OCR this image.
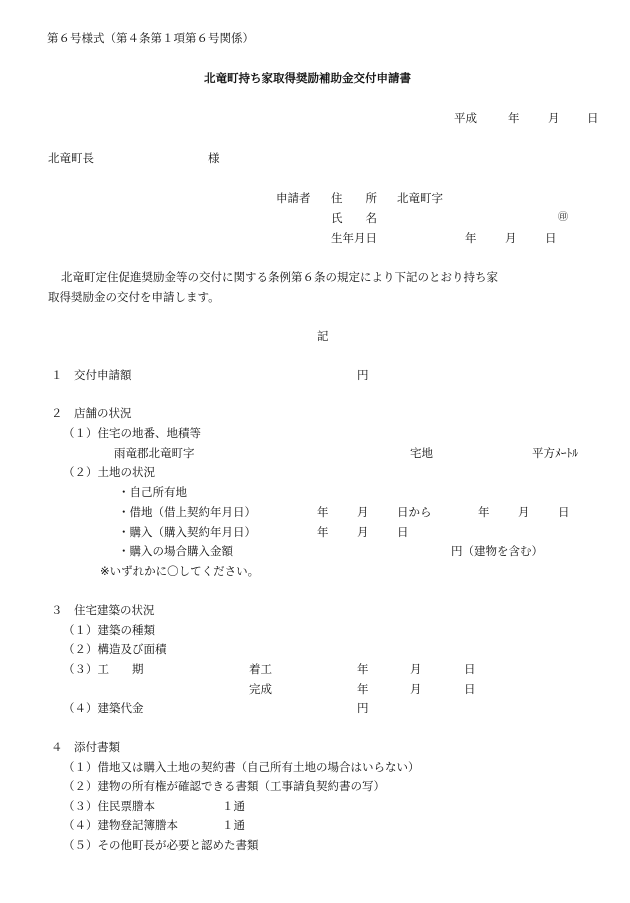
第６号様式（第４条第１項第６号関係）
北竜町持ち家取得奨励補助金交付申請書
平成	年 月 日
北竜町長	様
申請者 住　　所 北竜町字
氏　　名	㊞
生年月日	年 月 日
北竜町定住促進奨励金等の交付に関する条例第６条の規定により下記のとおり持ち家
取得奨励金の交付を申請します。
記
１　交付申請額	円
２　店舗の状況
（１）住宅の地番、地積等
雨竜郡北竜町字	宅地	平方ﾒｰﾄﾙ
（２）土地の状況
・自己所有地
・借地（借上契約年月日）	年 月 日から	年 月 日
・購入（購入契約年月日）	年 月 日
・購入の場合購入金額	円（建物を含む）
※いずれかに〇してください。
３　住宅建築の状況
（１）建築の種類
（２）構造及び面積
（３）工　　期	着工	年	月	日
完成	年	月	日
（４）建築代金	円
４　添付書類
（１）借地又は購入土地の契約書（自己所有土地の場合はいらない）
（２）建物の所有権が確認できる書類（工事請負契約書の写）
（３）住民票謄本	１通
（４）建物登記簿謄本	１通
（５）その他町長が必要と認めた書類
